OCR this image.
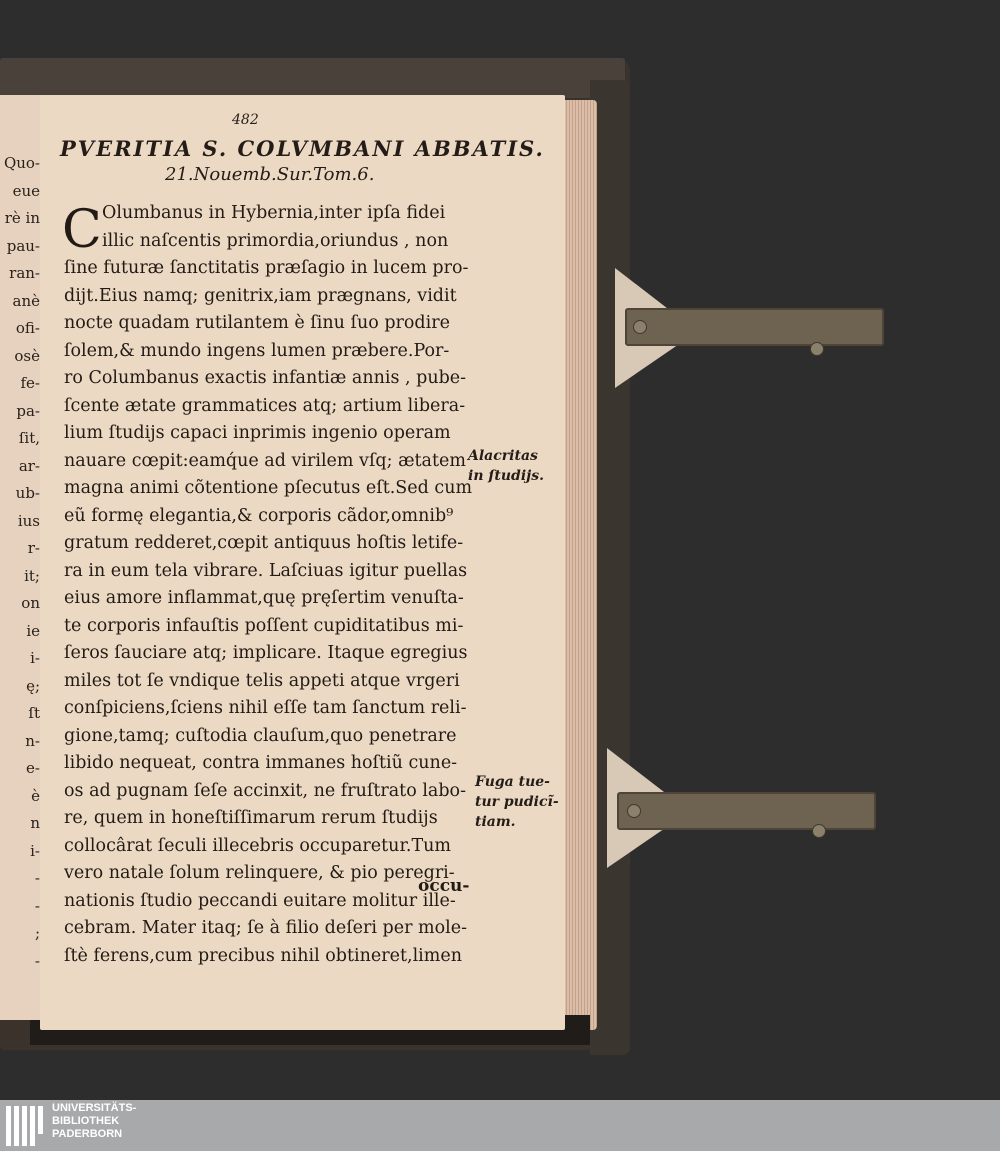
Quo-
eue
rè in
pau-
ran-
anè
ofi-
osè
fe-
pa-
ſit,
ar-
ub-
ius
r-
it;
on
ie
i-
ę;
ſt
n-
e-
è
n
i-
-
-
;
-
482
PVERITIA S. COLVMBANI ABBATIS.
21.Nouemb.Sur.Tom.6.
C Olumbanus in Hybernia,inter ipſa fidei
illic naſcentis primordia,oriundus , non
ſine futuræ ſanctitatis præſagio in lucem pro-
dijt.Eius namq; genitrix,iam prægnans, vidit
nocte quadam rutilantem è ſinu ſuo prodire
ſolem,& mundo ingens lumen præbere.Por-
ro Columbanus exactis infantiæ annis , pube-
ſcente ætate grammatices atq; artium libera-
lium ſtudijs capaci inprimis ingenio operam
nauare cœpit:eamq́ue ad virilem vſq; ætatem
magna animi cõtentione pſecutus eſt.Sed cum
eũ formę elegantia,& corporis cãdor,omnib⁹
gratum redderet,cœpit antiquus hoſtis letife-
ra in eum tela vibrare. Laſciuas igitur puellas
eius amore inflammat,quę pręſertim venuſta-
te corporis infauſtis poſſent cupiditatibus mi-
ſeros ſauciare atq; implicare. Itaque egregius
miles tot ſe vndique telis appeti atque vrgeri
conſpiciens,ſciens nihil eſſe tam ſanctum reli-
gione,tamq; cuſtodia clauſum,quo penetrare
libido nequeat, contra immanes hoſtiũ cune-
os ad pugnam ſeſe accinxit, ne fruſtrato labo-
re, quem in honeſtiſſimarum rerum ſtudijs
collocârat ſeculi illecebris occuparetur.Tum
vero natale ſolum relinquere, & pio peregri-
nationis ſtudio peccandi euitare molitur ille-
cebram. Mater itaq; ſe à filio deſeri per mole-
ſtè ferens,cum precibus nihil obtineret,limen
Alacritas
in ſtudijs.
Fuga tue-
tur pudicĩ-
tiam.
occu-
UNIVERSITÄTS-
BIBLIOTHEK
PADERBORN
